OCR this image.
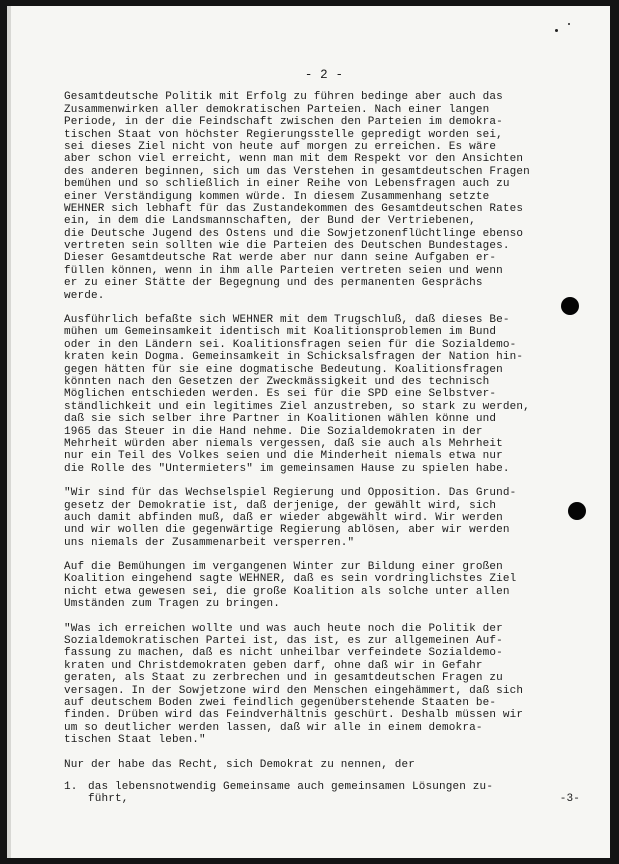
- 2 -
Gesamtdeutsche Politik mit Erfolg zu führen bedinge aber auch das
Zusammenwirken aller demokratischen Parteien. Nach einer langen
Periode, in der die Feindschaft zwischen den Parteien im demokra-
tischen Staat von höchster Regierungsstelle gepredigt worden sei,
sei dieses Ziel nicht von heute auf morgen zu erreichen. Es wäre
aber schon viel erreicht, wenn man mit dem Respekt vor den Ansichten
des anderen beginnen, sich um das Verstehen in gesamtdeutschen Fragen
bemühen und so schließlich in einer Reihe von Lebensfragen auch zu
einer Verständigung kommen würde. In diesem Zusammenhang setzte
WEHNER sich lebhaft für das Zustandekommen des Gesamtdeutschen Rates
ein, in dem die Landsmannschaften, der Bund der Vertriebenen,
die Deutsche Jugend des Ostens und die Sowjetzonenflüchtlinge ebenso
vertreten sein sollten wie die Parteien des Deutschen Bundestages.
Dieser Gesamtdeutsche Rat werde aber nur dann seine Aufgaben er-
füllen können, wenn in ihm alle Parteien vertreten seien und wenn
er zu einer Stätte der Begegnung und des permanenten Gesprächs
werde.
Ausführlich befaßte sich WEHNER mit dem Trugschluß, daß dieses Be-
mühen um Gemeinsamkeit identisch mit Koalitionsproblemen im Bund
oder in den Ländern sei. Koalitionsfragen seien für die Sozialdemo-
kraten kein Dogma. Gemeinsamkeit in Schicksalsfragen der Nation hin-
gegen hätten für sie eine dogmatische Bedeutung. Koalitionsfragen
könnten nach den Gesetzen der Zweckmässigkeit und des technisch
Möglichen entschieden werden. Es sei für die SPD eine Selbstver-
ständlichkeit und ein legitimes Ziel anzustreben, so stark zu werden,
daß sie sich selber ihre Partner in Koalitionen wählen könne und
1965 das Steuer in die Hand nehme. Die Sozialdemokraten in der
Mehrheit würden aber niemals vergessen, daß sie auch als Mehrheit
nur ein Teil des Volkes seien und die Minderheit niemals etwa nur
die Rolle des "Untermieters" im gemeinsamen Hause zu spielen habe.
"Wir sind für das Wechselspiel Regierung und Opposition. Das Grund-
gesetz der Demokratie ist, daß derjenige, der gewählt wird, sich
auch damit abfinden muß, daß er wieder abgewählt wird. Wir werden
und wir wollen die gegenwärtige Regierung ablösen, aber wir werden
uns niemals der Zusammenarbeit versperren."
Auf die Bemühungen im vergangenen Winter zur Bildung einer großen
Koalition eingehend sagte WEHNER, daß es sein vordringlichstes Ziel
nicht etwa gewesen sei, die große Koalition als solche unter allen
Umständen zum Tragen zu bringen.
"Was ich erreichen wollte und was auch heute noch die Politik der
Sozialdemokratischen Partei ist, das ist, es zur allgemeinen Auf-
fassung zu machen, daß es nicht unheilbar verfeindete Sozialdemo-
kraten und Christdemokraten geben darf, ohne daß wir in Gefahr
geraten, als Staat zu zerbrechen und in gesamtdeutschen Fragen zu
versagen. In der Sowjetzone wird den Menschen eingehämmert, daß sich
auf deutschem Boden zwei feindlich gegenüberstehende Staaten be-
finden. Drüben wird das Feindverhältnis geschürt. Deshalb müssen wir
um so deutlicher werden lassen, daß wir alle in einem demokra-
tischen Staat leben."
Nur der habe das Recht, sich Demokrat zu nennen, der
1. das lebensnotwendig Gemeinsame auch gemeinsamen Lösungen zu-
führt,	-3-
